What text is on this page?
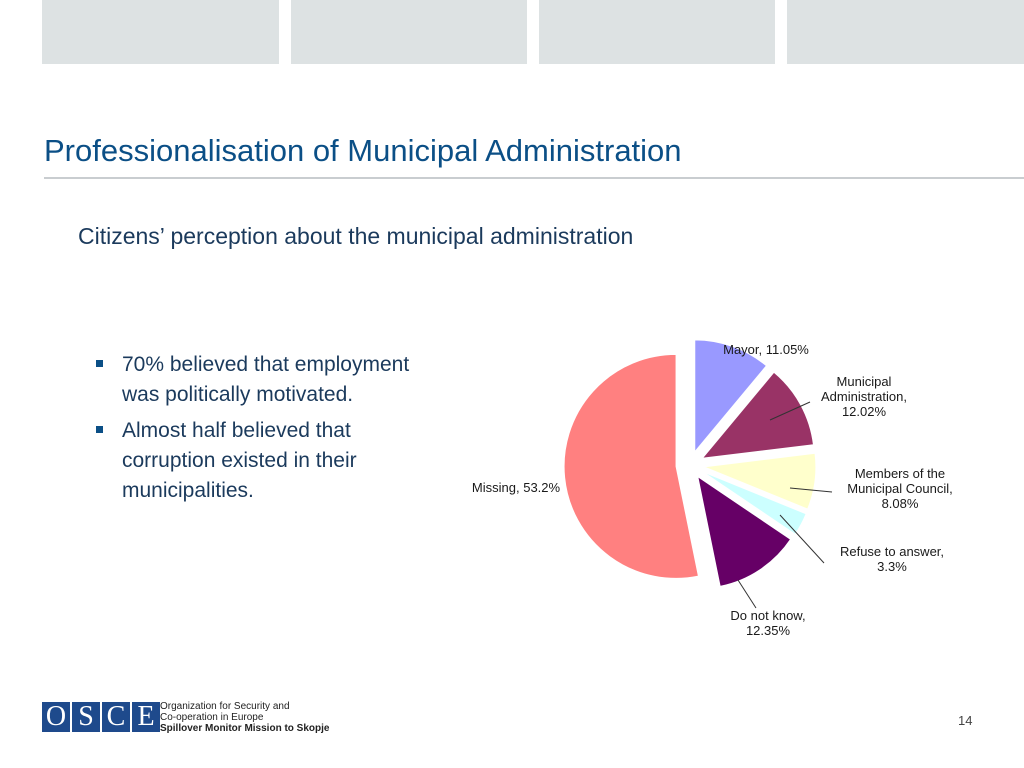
Professionalisation of Municipal Administration
Citizens’ perception about the municipal administration
70% believed that employment was politically motivated.
Almost half believed that corruption existed in their municipalities.
Mayor, 11.05%
Municipal Administration, 12.02%
Members of the Municipal Council, 8.08%
Refuse to answer, 3.3%
Do not know, 12.35%
Missing, 53.2%
O S C E Organization for Security and
Co-operation in Europe
Spillover Monitor Mission to Skopje
14
